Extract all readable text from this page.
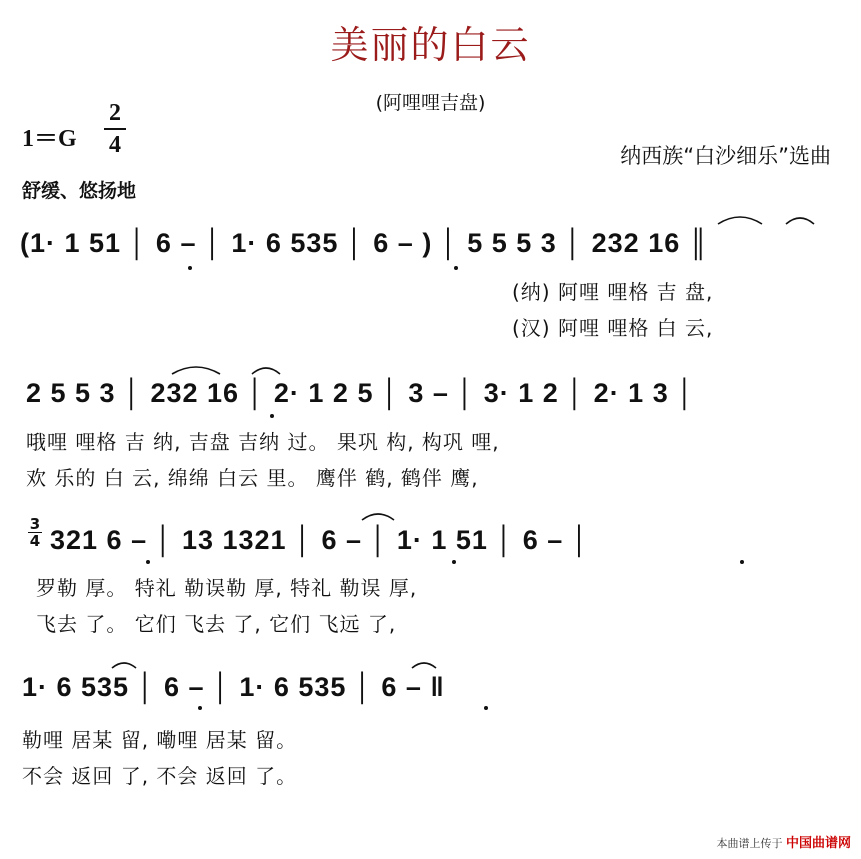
美丽的白云
(阿哩哩吉盘)
1＝G
2
4	纳西族“白沙细乐”选曲
舒缓、悠扬地
(1· 1 51 │ 6 – │ 1· 6 535 │ 6 – ) │ 5 5 5 3 │ 232 16 ║
(纳) 阿哩 哩格 吉 盘,
(汉) 阿哩 哩格 白 云,
2 5 5 3 │ 232 16 │ 2· 1 2 5 │ 3 – │ 3· 1 2 │ 2· 1 3 │
哦哩 哩格 吉 纳, 吉盘 吉纳 过。 果巩 构, 构巩 哩,
欢 乐的 白 云, 绵绵 白云 里。 鹰伴 鹤, 鹤伴 鹰,
3
4 321 6 – │ 13 1321 │ 6 – │ 1· 1 51 │ 6 – │
罗勒 厚。 特礼 勒误勒 厚, 特礼 勒误 厚,
飞去 了。 它们 飞去 了, 它们 飞远 了,
1· 6 535 │ 6 – │ 1· 6 535 │ 6 – ‖
勒哩 居某 留, 嘞哩 居某 留。
不会 返回 了, 不会 返回 了。
本曲谱上传于 中国曲谱网
